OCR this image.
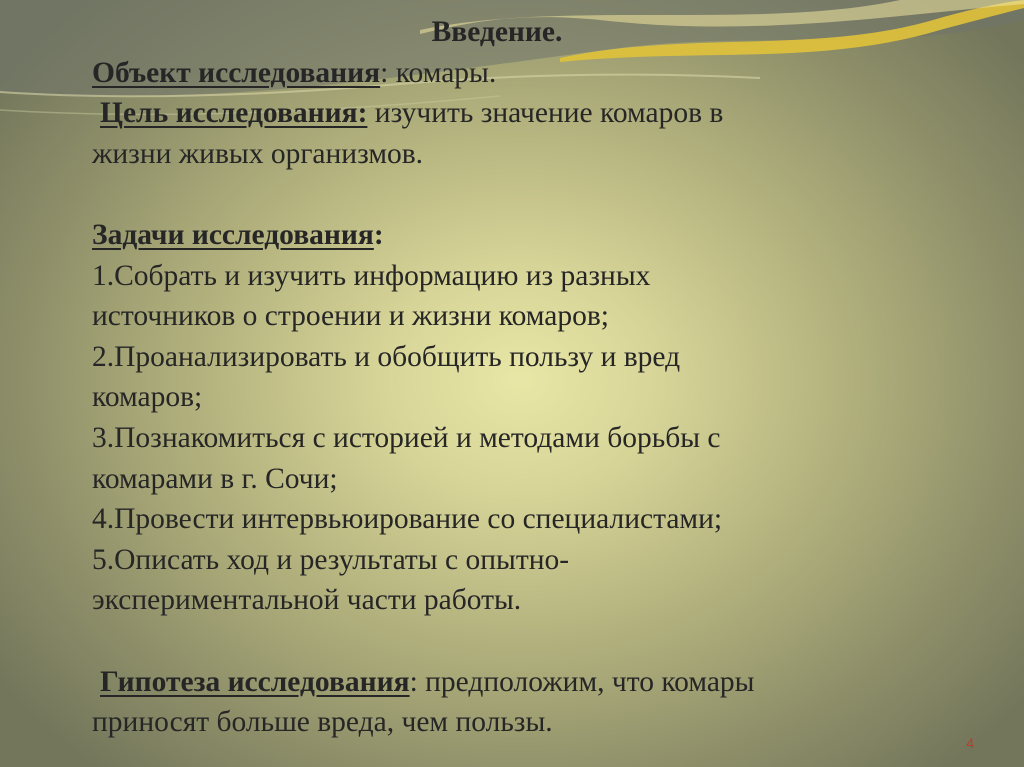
Введение.

Объект исследования: комары.

Цель исследования: изучить значение комаров в

жизни живых организмов.

Задачи исследования:

1.Собрать и изучить информацию из разных

источников о строении и жизни комаров;

2.Проанализировать и обобщить пользу и вред

комаров;

3.Познакомиться с историей и методами борьбы с

комарами в г. Сочи;

4.Провести интервьюирование со специалистами;

5.Описать ход и результаты с опытно-

экспериментальной части работы.

Гипотеза исследования: предположим, что комары

приносят больше вреда, чем пользы.

4
